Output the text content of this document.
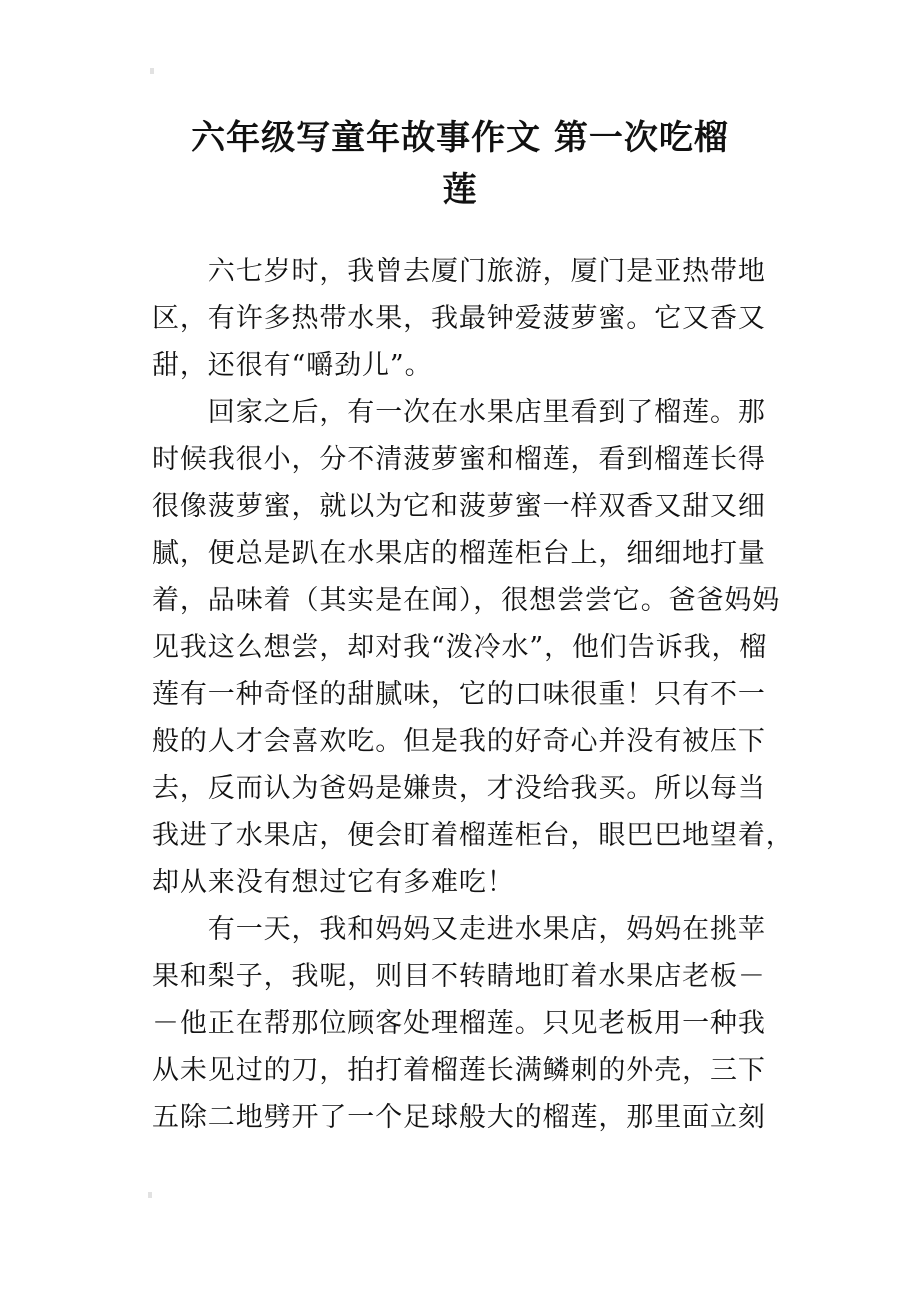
六年级写童年故事作文 第一次吃榴
莲

　　六七岁时，我曾去厦门旅游，厦门是亚热带地
区，有许多热带水果，我最钟爱菠萝蜜。它又香又
甜，还很有“嚼劲儿”。

　　回家之后，有一次在水果店里看到了榴莲。那
时候我很小，分不清菠萝蜜和榴莲，看到榴莲长得
很像菠萝蜜，就以为它和菠萝蜜一样双香又甜又细
腻，便总是趴在水果店的榴莲柜台上，细细地打量
着，品味着（其实是在闻），很想尝尝它。爸爸妈妈
见我这么想尝，却对我“泼冷水”，他们告诉我，榴
莲有一种奇怪的甜腻味，它的口味很重！只有不一
般的人才会喜欢吃。但是我的好奇心并没有被压下
去，反而认为爸妈是嫌贵，才没给我买。所以每当
我进了水果店，便会盯着榴莲柜台，眼巴巴地望着，
却从来没有想过它有多难吃！

　　有一天，我和妈妈又走进水果店，妈妈在挑苹
果和梨子，我呢，则目不转睛地盯着水果店老板－
－他正在帮那位顾客处理榴莲。只见老板用一种我
从未见过的刀，拍打着榴莲长满鳞刺的外壳，三下
五除二地劈开了一个足球般大的榴莲，那里面立刻
